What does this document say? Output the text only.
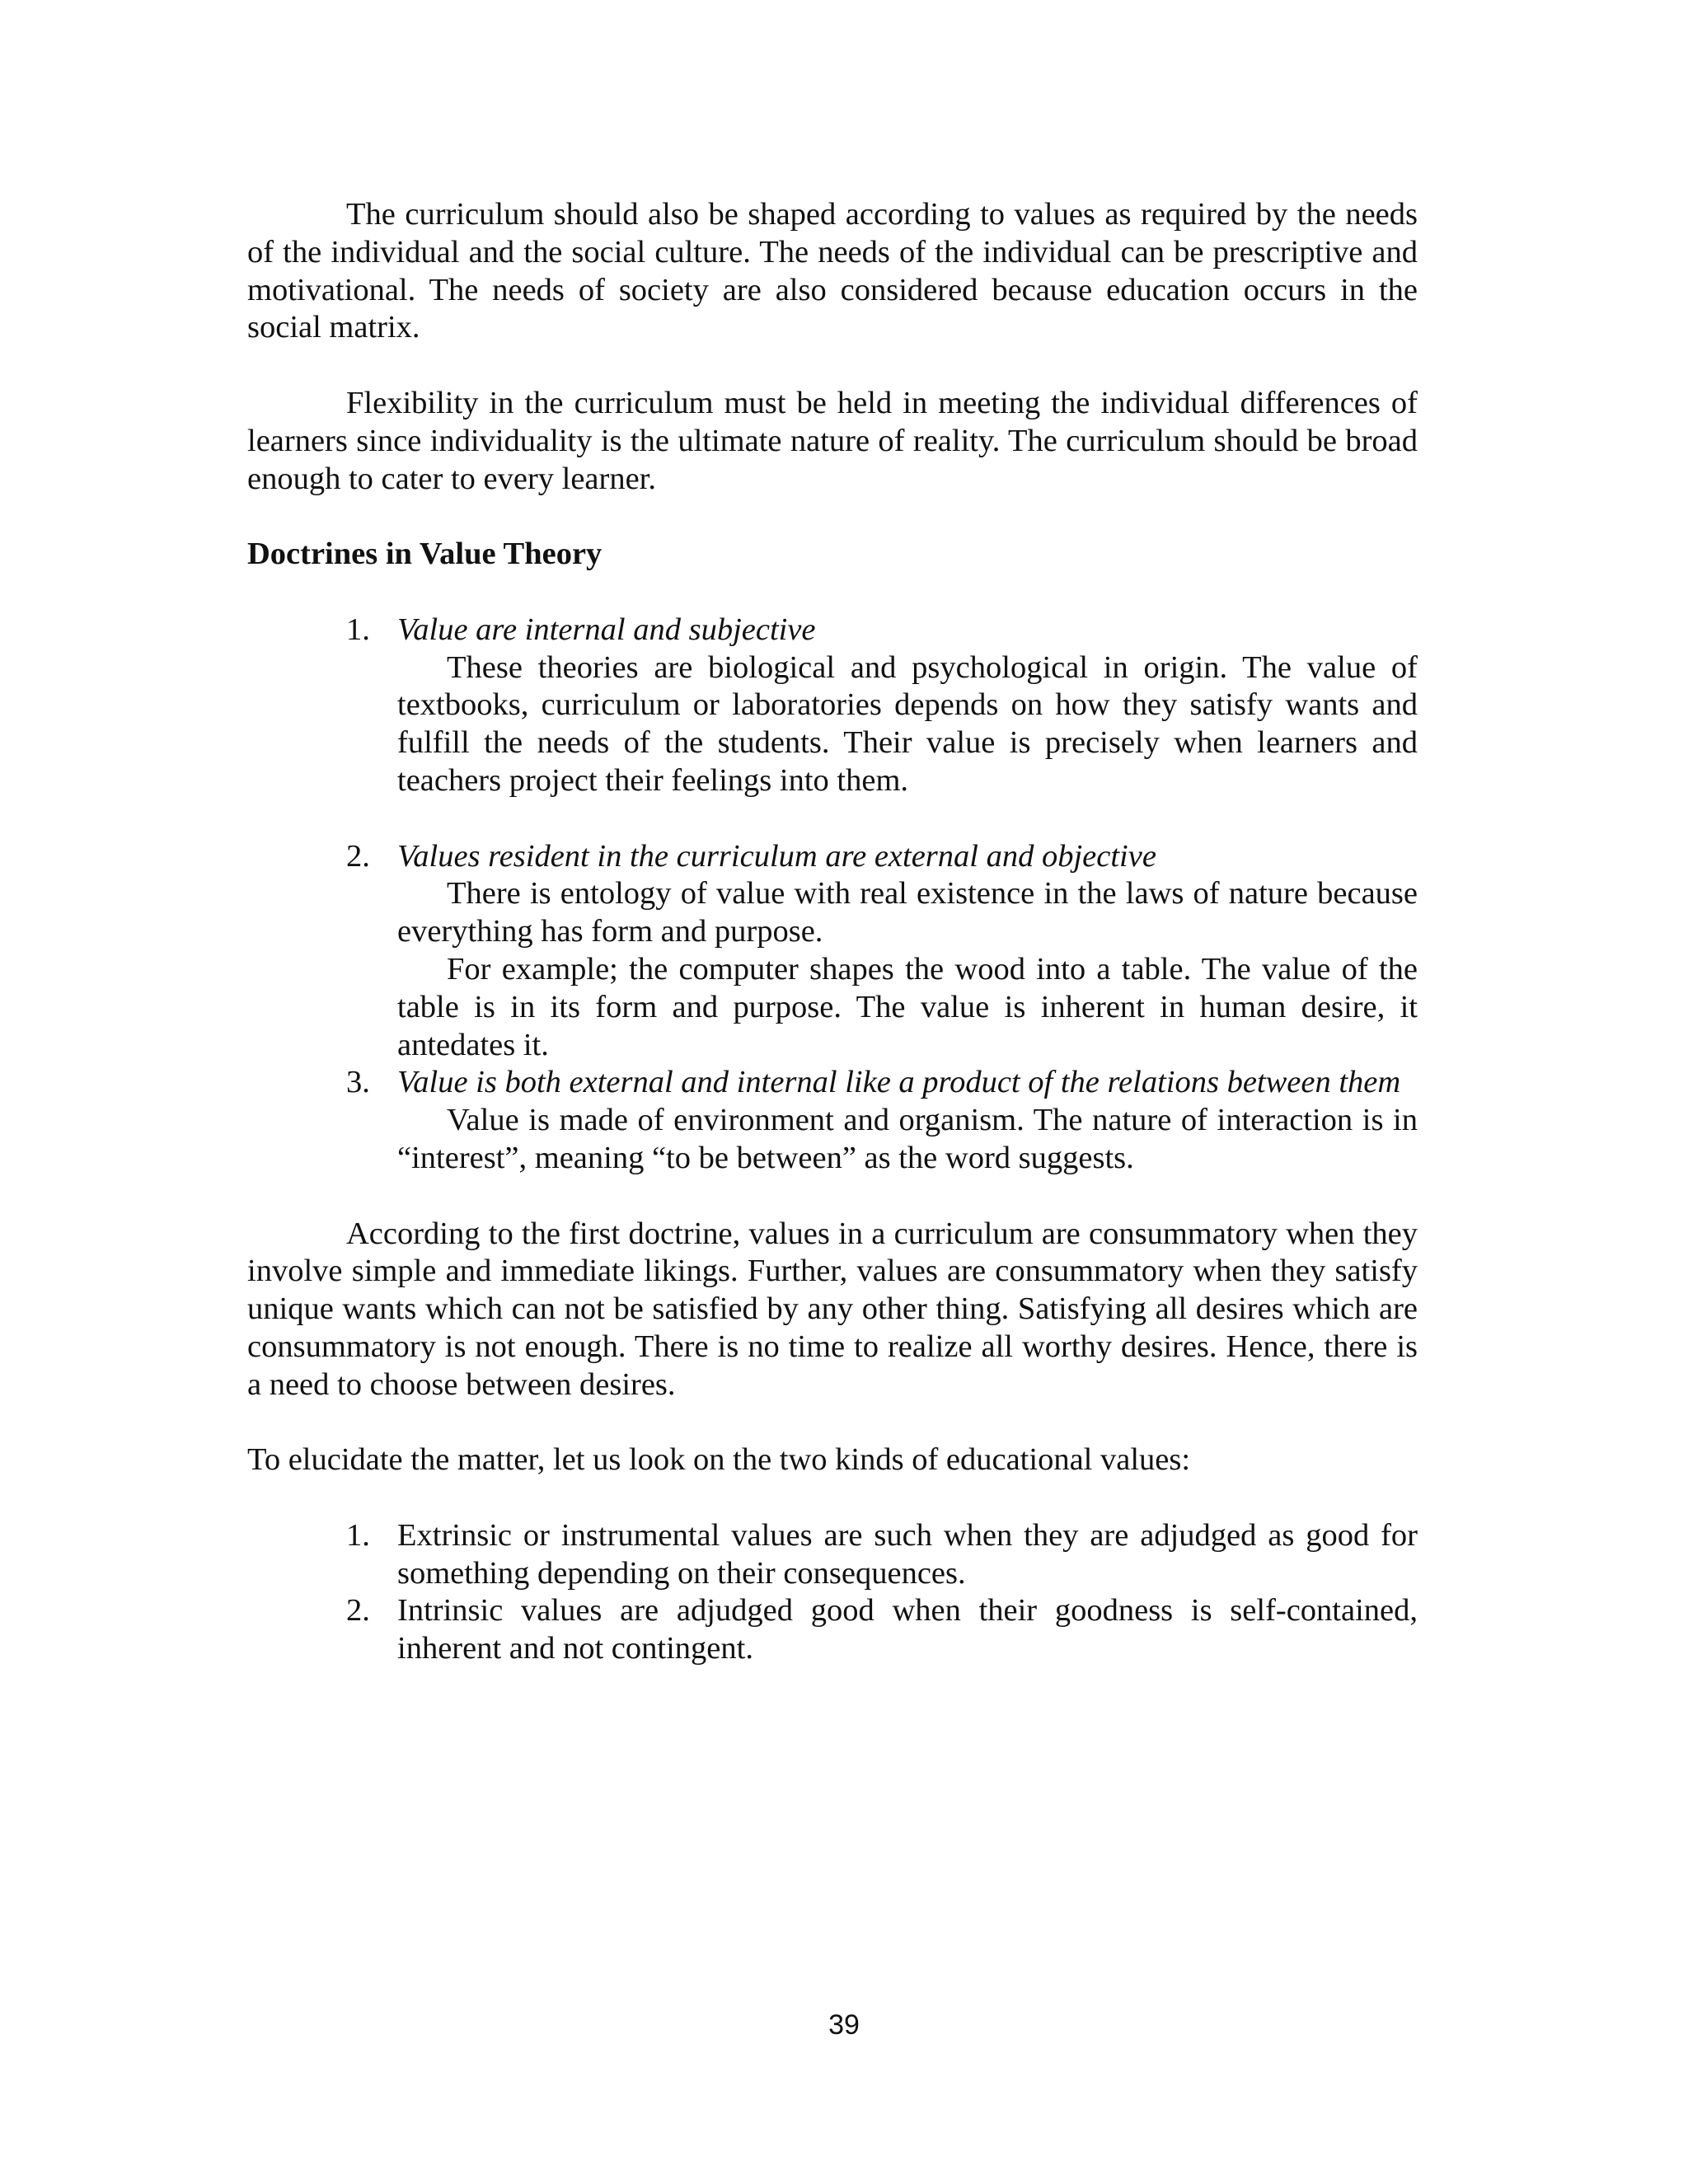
The curriculum should also be shaped according to values as required by the needs of the individual and the social culture. The needs of the individual can be prescriptive and motivational. The needs of society are also considered because education occurs in the social matrix.

Flexibility in the curriculum must be held in meeting the individual differences of learners since individuality is the ultimate nature of reality. The curriculum should be broad enough to cater to every learner.

Doctrines in Value Theory

1. Value are internal and subjective

These theories are biological and psychological in origin. The value of textbooks, curriculum or laboratories depends on how they satisfy wants and fulfill the needs of the students. Their value is precisely when learners and teachers project their feelings into them.

2. Values resident in the curriculum are external and objective

There is entology of value with real existence in the laws of nature because everything has form and purpose.

For example; the computer shapes the wood into a table. The value of the table is in its form and purpose. The value is inherent in human desire, it antedates it.

3. Value is both external and internal like a product of the relations between them

Value is made of environment and organism. The nature of interaction is in “interest”, meaning “to be between” as the word suggests.

According to the first doctrine, values in a curriculum are consummatory when they involve simple and immediate likings. Further, values are consummatory when they satisfy unique wants which can not be satisfied by any other thing. Satisfying all desires which are consummatory is not enough. There is no time to realize all worthy desires. Hence, there is a need to choose between desires.

To elucidate the matter, let us look on the two kinds of educational values:

1. Extrinsic or instrumental values are such when they are adjudged as good for something depending on their consequences.

2. Intrinsic values are adjudged good when their goodness is self-contained, inherent and not contingent.

39
